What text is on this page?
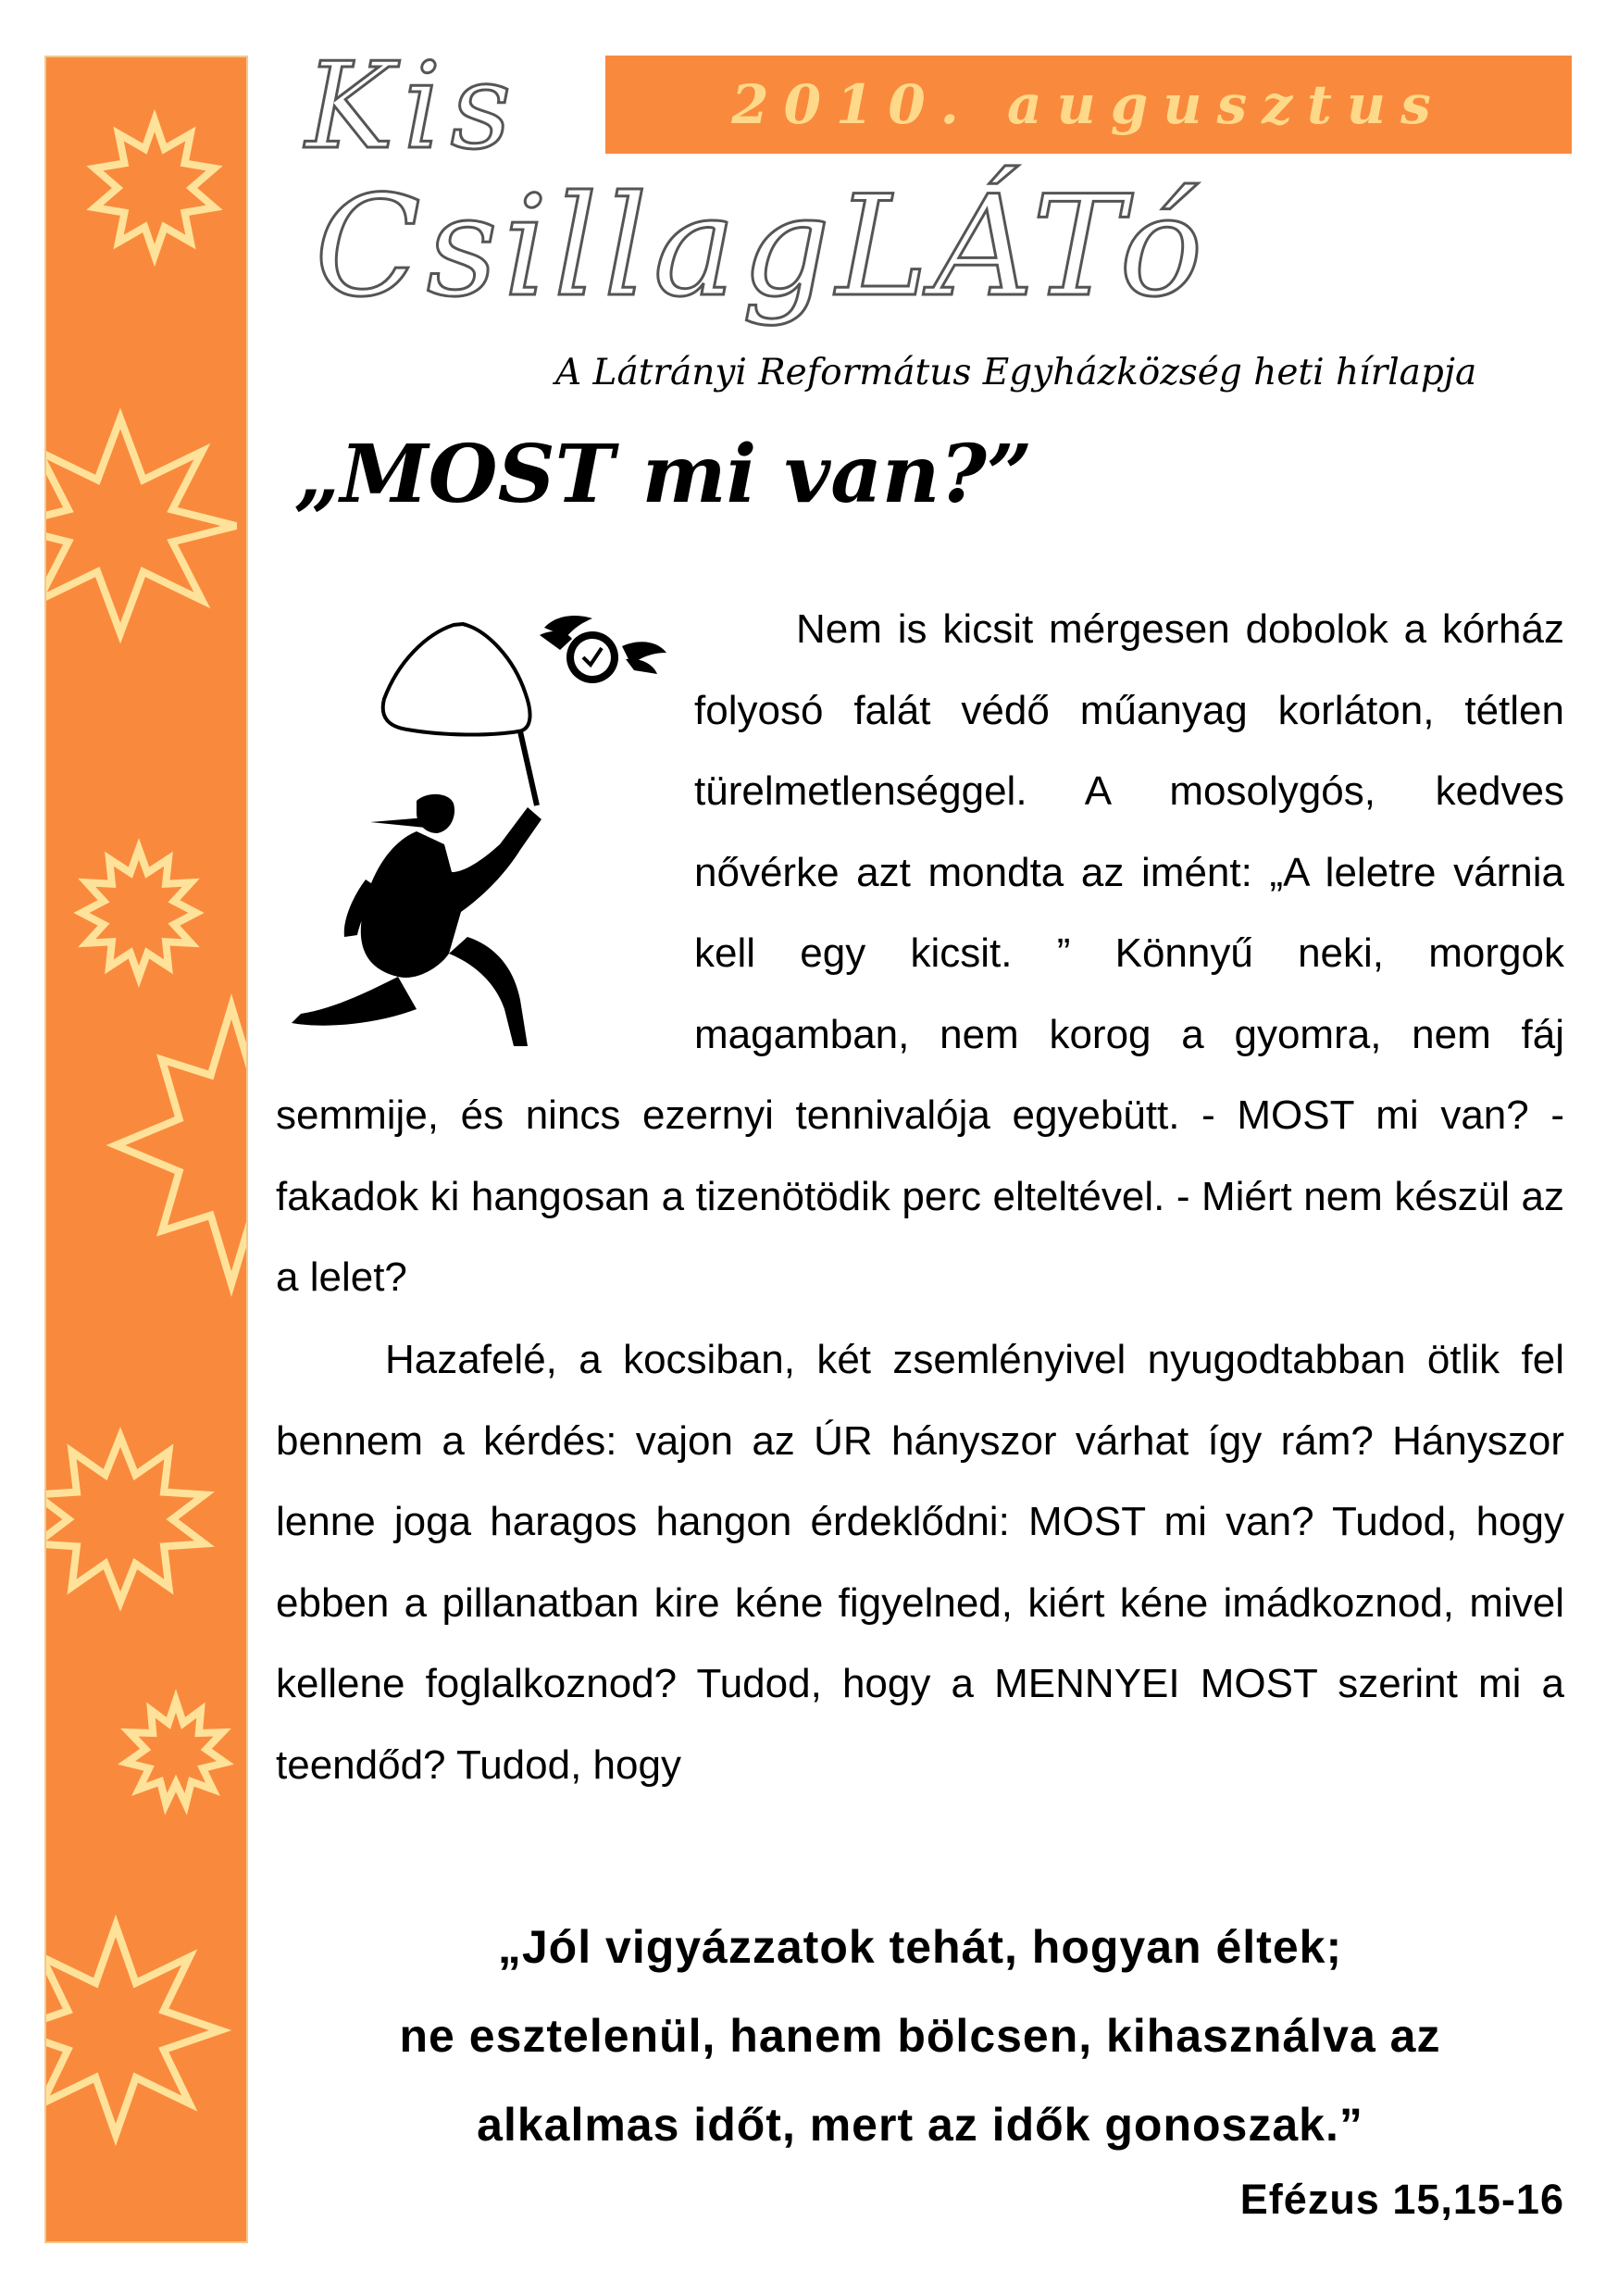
2010. augusztus
Kis
CsillagLÁTó
A Látrányi Református Egyházközség heti hírlapja
„MOST mi van?”

Nem is kicsit mérgesen dobolok a kórház folyosó falát védő műanyag korláton, tétlen türelmetlenséggel. A mosolygós, kedves nővérke azt mondta az imént: „A leletre várnia kell egy kicsit. ” Könnyű neki, morgok magamban, nem korog a gyomra, nem fáj semmije, és nincs ezernyi tennivalója egyebütt. - MOST mi van? - fakadok ki hangosan a tizenötödik perc elteltével. - Miért nem készül az a lelet?

Hazafelé, a kocsiban, két zsemlényivel nyugodtabban ötlik fel bennem a kérdés: vajon az ÚR hányszor várhat így rám? Hányszor lenne joga haragos hangon érdeklődni: MOST mi van? Tudod, hogy ebben a pillanatban kire kéne figyelned, kiért kéne imádkoznod, mivel kellene foglalkoznod? Tudod, hogy a MENNYEI MOST szerint mi a teendőd? Tudod, hogy

„Jól vigyázzatok tehát, hogyan éltek;
ne esztelenül, hanem bölcsen, kihasználva az
alkalmas időt, mert az idők gonoszak.”
Efézus 15,15-16
